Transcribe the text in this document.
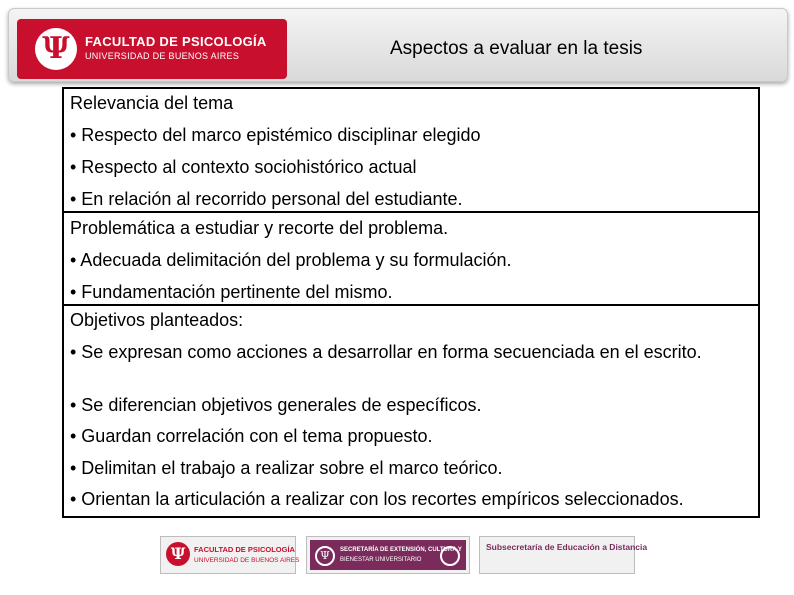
Ψ	FACULTAD DE PSICOLOGÍA
UNIVERSIDAD DE BUENOS AIRES	Aspectos a evaluar en la tesis
Relevancia del tema
• Respecto del marco epistémico disciplinar elegido
• Respecto al contexto sociohistórico actual
• En relación al recorrido personal del estudiante.
Problemática a estudiar y recorte del problema.
• Adecuada delimitación del problema y su formulación.
• Fundamentación pertinente del mismo.
Objetivos planteados:
• Se expresan como acciones a desarrollar en forma secuenciada en el escrito.
• Se diferencian objetivos generales de específicos.
• Guardan correlación con el tema propuesto.
• Delimitan el trabajo a realizar sobre el marco teórico.
• Orientan la articulación a realizar con los recortes empíricos seleccionados.
Ψ	FACULTAD DE PSICOLOGÍA
UNIVERSIDAD DE BUENOS AIRES	Ψ	SECRETARÍA DE EXTENSIÓN, CULTURA Y
BIENESTAR UNIVERSITARIO
Subsecretaría de Educación a Distancia
